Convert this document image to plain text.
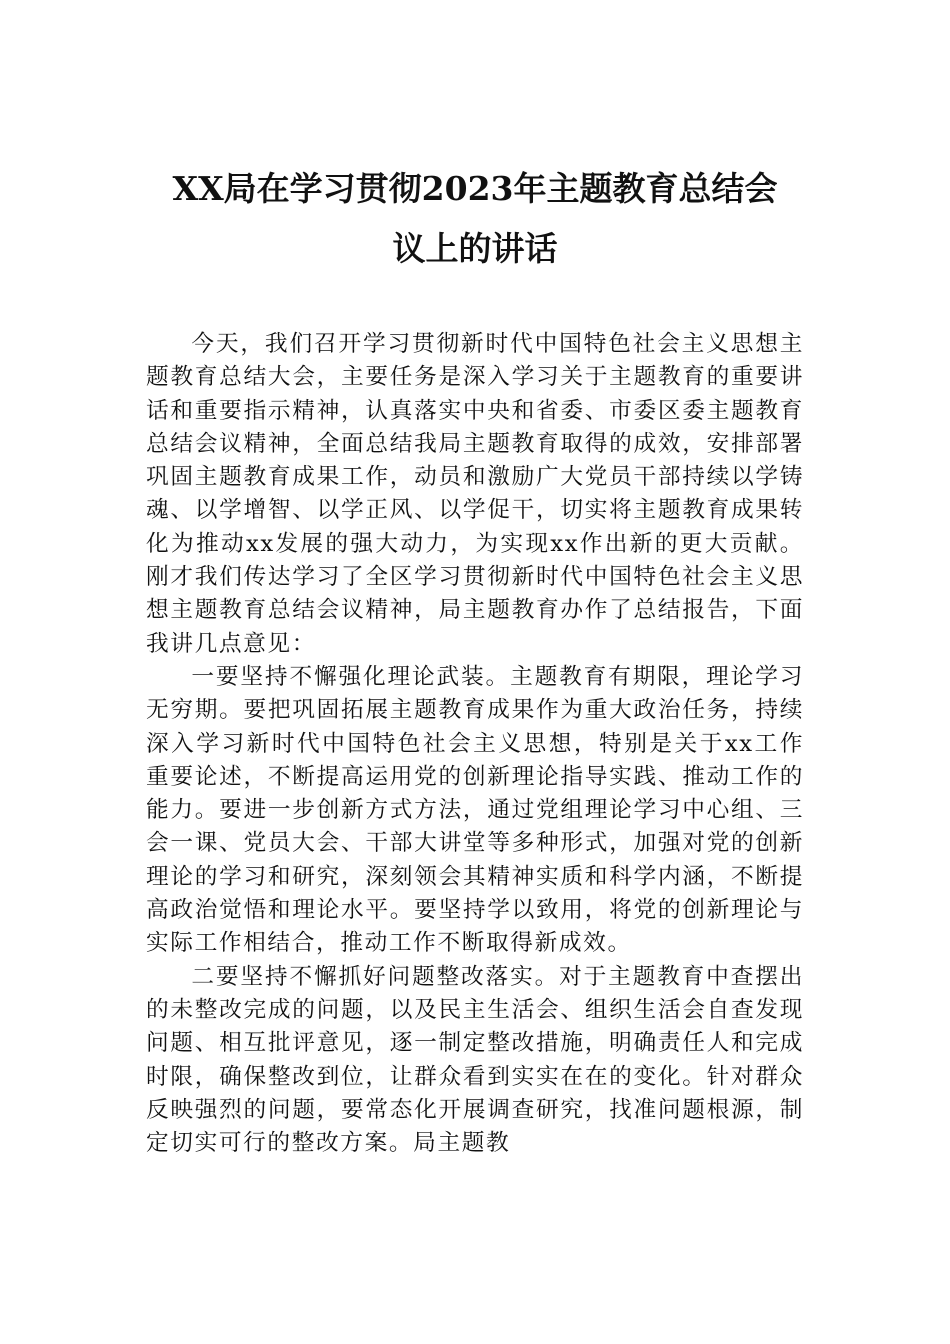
XX局在学习贯彻2023年主题教育总结会
议上的讲话

今天，我们召开学习贯彻新时代中国特色社会主义思想主题教育总结大会，主要任务是深入学习关于主题教育的重要讲话和重要指示精神，认真落实中央和省委、市委区委主题教育总结会议精神，全面总结我局主题教育取得的成效，安排部署巩固主题教育成果工作，动员和激励广大党员干部持续以学铸魂、以学增智、以学正风、以学促干，切实将主题教育成果转化为推动xx发展的强大动力，为实现xx作出新的更大贡献。刚才我们传达学习了全区学习贯彻新时代中国特色社会主义思想主题教育总结会议精神，局主题教育办作了总结报告，下面我讲几点意见：

一要坚持不懈强化理论武装。主题教育有期限，理论学习无穷期。要把巩固拓展主题教育成果作为重大政治任务，持续深入学习新时代中国特色社会主义思想，特别是关于xx工作重要论述，不断提高运用党的创新理论指导实践、推动工作的能力。要进一步创新方式方法，通过党组理论学习中心组、三会一课、党员大会、干部大讲堂等多种形式，加强对党的创新理论的学习和研究，深刻领会其精神实质和科学内涵，不断提高政治觉悟和理论水平。要坚持学以致用，将党的创新理论与实际工作相结合，推动工作不断取得新成效。

二要坚持不懈抓好问题整改落实。对于主题教育中查摆出的未整改完成的问题，以及民主生活会、组织生活会自查发现问题、相互批评意见，逐一制定整改措施，明确责任人和完成时限，确保整改到位，让群众看到实实在在的变化。针对群众反映强烈的问题，要常态化开展调查研究，找准问题根源，制定切实可行的整改方案。局主题教
